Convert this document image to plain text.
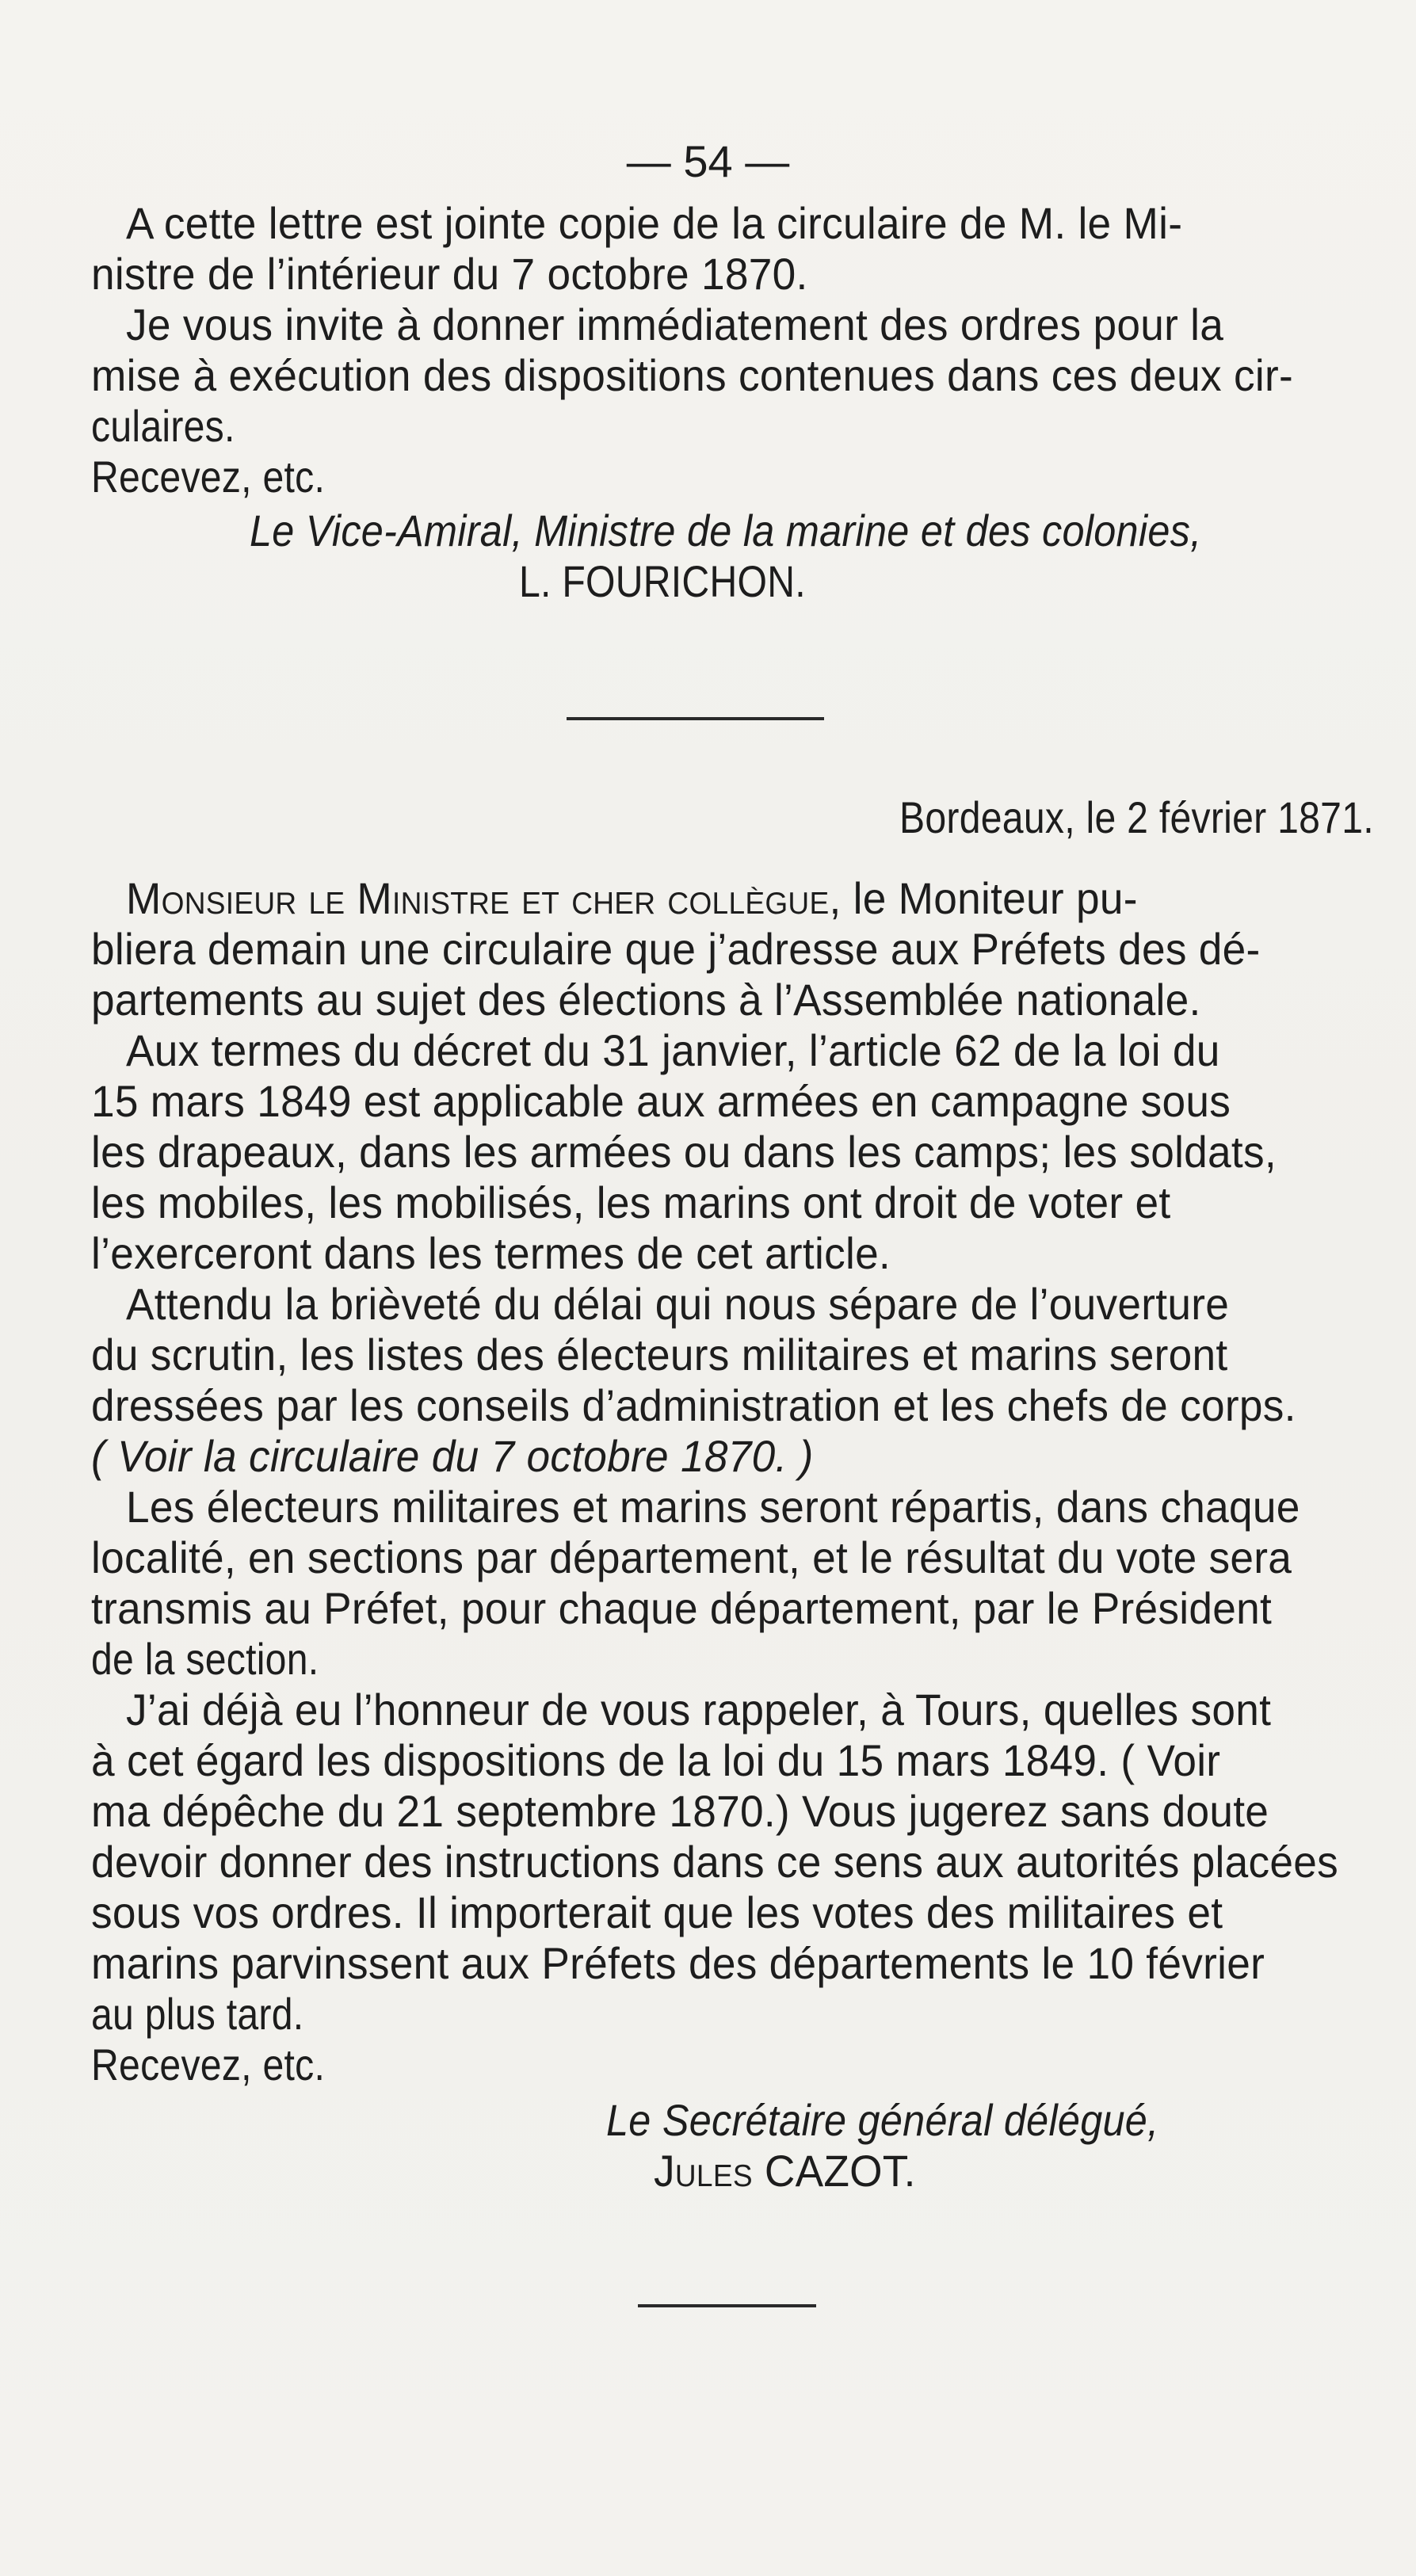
— 54 —
A cette lettre est jointe copie de la circulaire de M. le Mi-
nistre de l’intérieur du 7 octobre 1870.
Je vous invite à donner immédiatement des ordres pour la
mise à exécution des dispositions contenues dans ces deux cir-
culaires.
Recevez, etc.
Le Vice-Amiral, Ministre de la marine et des colonies,
L. FOURICHON.
Bordeaux, le 2 février 1871.
Monsieur le Ministre et cher collègue, le Moniteur pu-
bliera demain une circulaire que j’adresse aux Préfets des dé-
partements au sujet des élections à l’Assemblée nationale.
Aux termes du décret du 31 janvier, l’article 62 de la loi du
15 mars 1849 est applicable aux armées en campagne sous
les drapeaux, dans les armées ou dans les camps; les soldats,
les mobiles, les mobilisés, les marins ont droit de voter et
l’exerceront dans les termes de cet article.
Attendu la brièveté du délai qui nous sépare de l’ouverture
du scrutin, les listes des électeurs militaires et marins seront
dressées par les conseils d’administration et les chefs de corps.
( Voir la circulaire du 7 octobre 1870. )
Les électeurs militaires et marins seront répartis, dans chaque
localité, en sections par département, et le résultat du vote sera
transmis au Préfet, pour chaque département, par le Président
de la section.
J’ai déjà eu l’honneur de vous rappeler, à Tours, quelles sont
à cet égard les dispositions de la loi du 15 mars 1849. ( Voir
ma dépêche du 21 septembre 1870.) Vous jugerez sans doute
devoir donner des instructions dans ce sens aux autorités placées
sous vos ordres. Il importerait que les votes des militaires et
marins parvinssent aux Préfets des départements le 10 février
au plus tard.
Recevez, etc.
Le Secrétaire général délégué,
Jules CAZOT.
